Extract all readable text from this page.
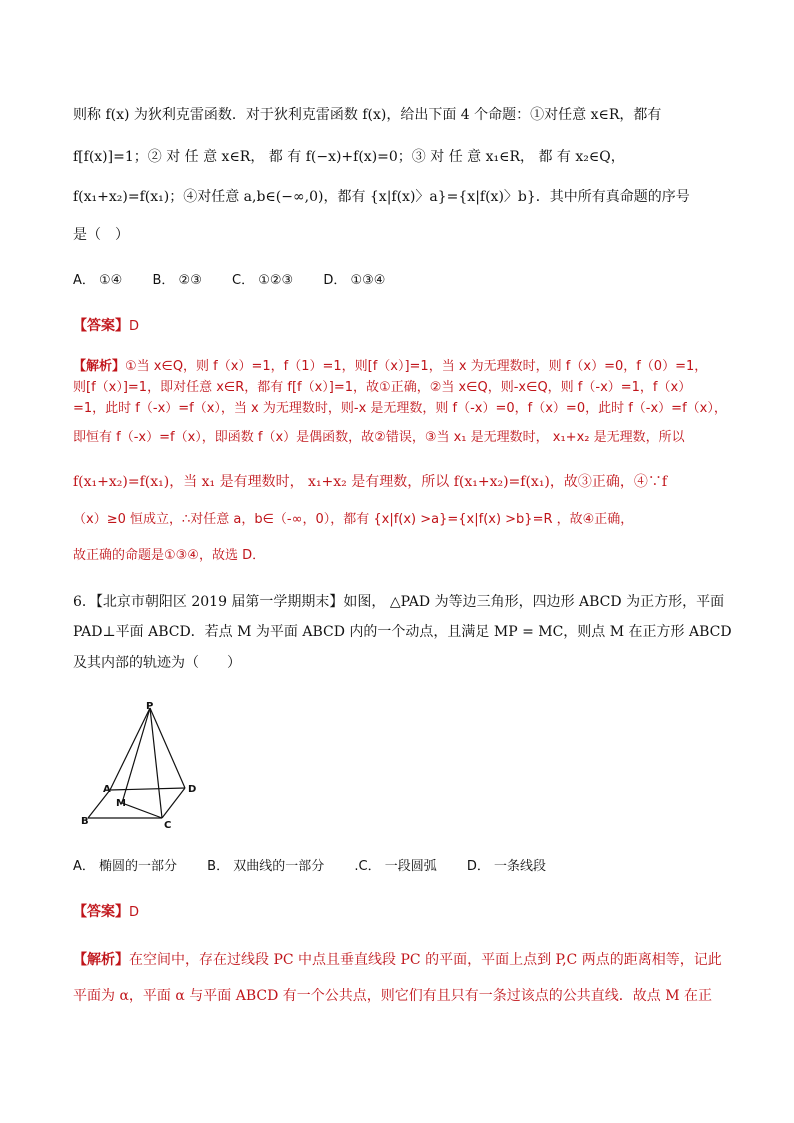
则称 f(x) 为狄利克雷函数．对于狄利克雷函数 f(x)，给出下面 4 个命题：①对任意 x∈R，都有
f[f(x)]=1；② 对 任 意 x∈R， 都 有 f(−x)+f(x)=0；③ 对 任 意 x₁∈R， 都 有 x₂∈Q，
f(x₁+x₂)=f(x₁)；④对任意 a,b∈(−∞,0)，都有 {x|f(x)〉a}={x|f(x)〉b}．其中所有真命题的序号
是（　）
A． ①④ B． ②③ C． ①②③ D． ①③④
【答案】D
【解析】①当 x∈Q，则 f（x）=1，f（1）=1，则[f（x）]=1，当 x 为无理数时，则 f（x）=0，f（0）=1，
则[f（x）]=1，即对任意 x∈R，都有 f[f（x）]=1，故①正确，②当 x∈Q，则-x∈Q，则 f（-x）=1，f（x）
=1，此时 f（-x）=f（x），当 x 为无理数时，则-x 是无理数，则 f（-x）=0，f（x）=0，此时 f（-x）=f（x），
即恒有 f（-x）=f（x），即函数 f（x）是偶函数，故②错误，③当 x₁ 是无理数时， x₁+x₂ 是无理数，所以
f(x₁+x₂)=f(x₁)，当 x₁ 是有理数时， x₁+x₂ 是有理数，所以 f(x₁+x₂)=f(x₁)，故③正确，④∵f
（x）≥0 恒成立，∴对任意 a，b∈（-∞，0），都有 {x|f(x) >a}={x|f(x) >b}=R ，故④正确，
故正确的命题是①③④，故选 D．
6．【北京市朝阳区 2019 届第一学期期末】如图， △PAD 为等边三角形，四边形 ABCD 为正方形，平面
PAD⊥平面 ABCD．若点 M 为平面 ABCD 内的一个动点，且满足 MP = MC，则点 M 在正方形 ABCD
及其内部的轨迹为（　　）
P
A	D
M
B	C
A． 椭圆的一部分 B． 双曲线的一部分 .C． 一段圆弧 D． 一条线段
【答案】D
【解析】在空间中，存在过线段 PC 中点且垂直线段 PC 的平面，平面上点到 P,C 两点的距离相等，记此
平面为 α，平面 α 与平面 ABCD 有一个公共点，则它们有且只有一条过该点的公共直线．故点 M 在正
